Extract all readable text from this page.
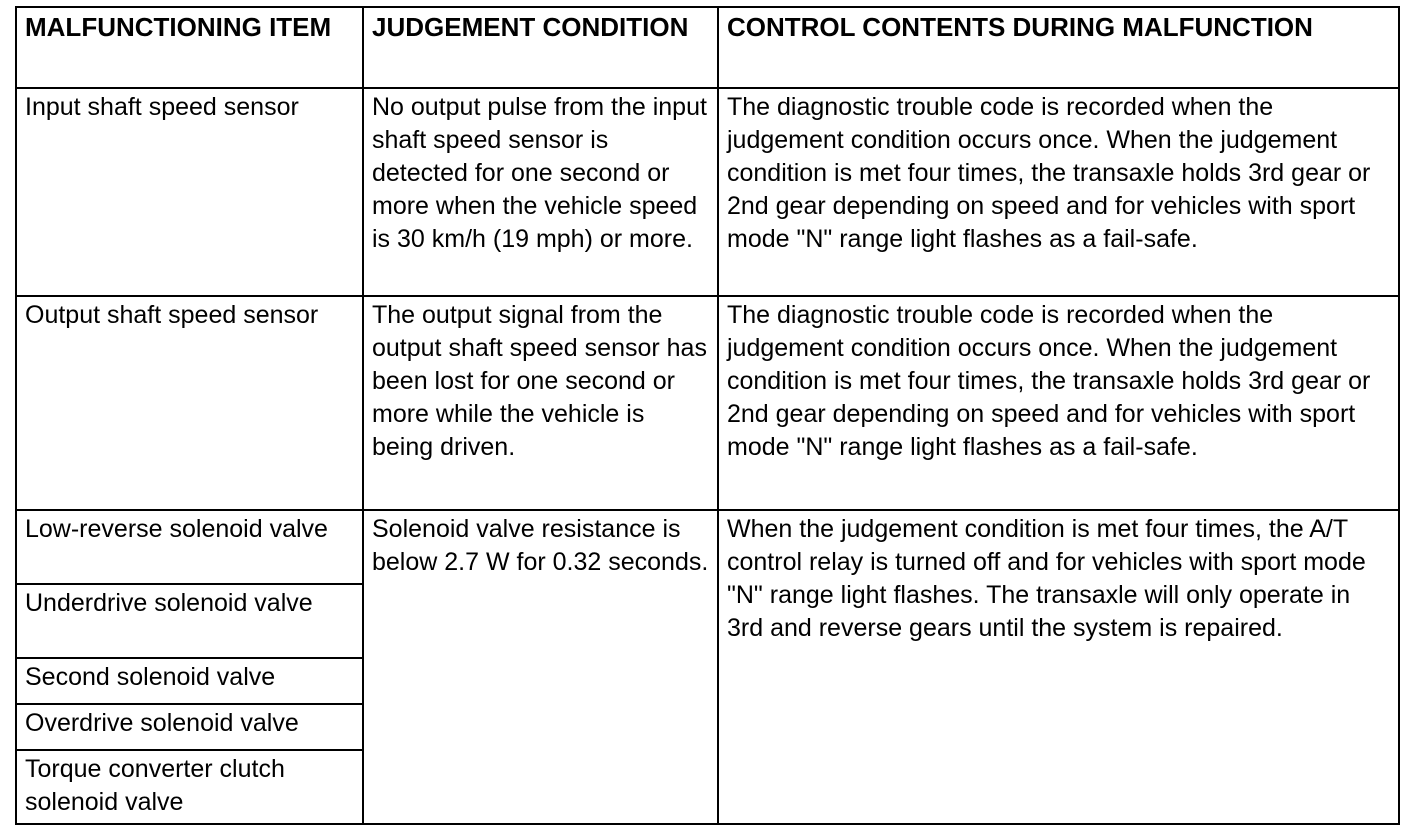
MALFUNCTIONING ITEM	JUDGEMENT CONDITION	CONTROL CONTENTS DURING MALFUNCTION
Input shaft speed sensor	No output pulse from the input shaft speed sensor is detected for one second or more when the vehicle speed is 30 km/h (19 mph) or more.	The diagnostic trouble code is recorded when the judgement condition occurs once. When the judgement condition is met four times, the transaxle holds 3rd gear or 2nd gear depending on speed and for vehicles with sport mode "N" range light flashes as a fail-safe.
Output shaft speed sensor	The output signal from the output shaft speed sensor has been lost for one second or more while the vehicle is being driven.	The diagnostic trouble code is recorded when the judgement condition occurs once. When the judgement condition is met four times, the transaxle holds 3rd gear or 2nd gear depending on speed and for vehicles with sport mode "N" range light flashes as a fail-safe.
Low-reverse solenoid valve	Solenoid valve resistance is below 2.7 W for 0.32 seconds.	When the judgement condition is met four times, the A/T control relay is turned off and for vehicles with sport mode "N" range light flashes. The transaxle will only operate in 3rd and reverse gears until the system is repaired.
Underdrive solenoid valve		
Second solenoid valve		
Overdrive solenoid valve		
Torque converter clutch solenoid valve		
